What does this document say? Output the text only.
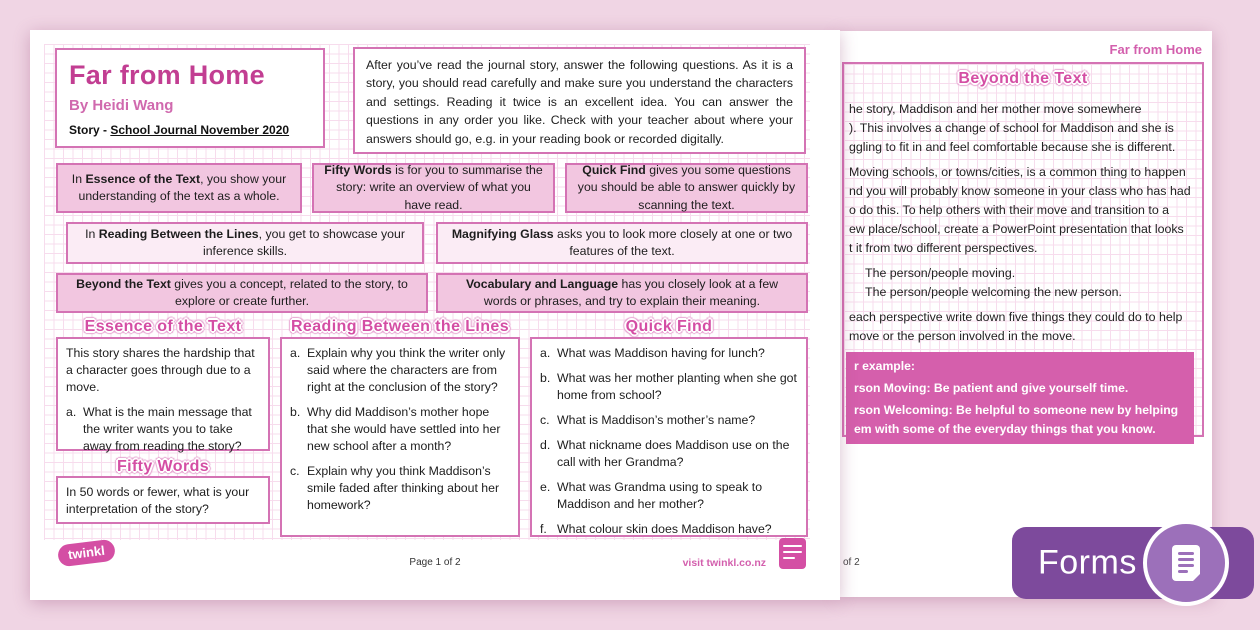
Far from Home
Beyond the Text
he story, Maddison and her mother move somewhere
). This involves a change of school for Maddison and she is
ggling to fit in and feel comfortable because she is different.
Moving schools, or towns/cities, is a common thing to happen
nd you will probably know someone in your class who has had
o do this. To help others with their move and transition to a
ew place/school, create a PowerPoint presentation that looks
t it from two different perspectives.
The person/people moving.
The person/people welcoming the new person.
each perspective write down five things they could do to help
move or the person involved in the move.
r example:
rson Moving: Be patient and give yourself time.
rson Welcoming: Be helpful to someone new by helping
em with some of the everyday things that you know.
of 2
Far from Home
By Heidi Wang
Story - School Journal November 2020
After you’ve read the journal story, answer the following questions. As it is a story, you should read carefully and make sure you understand the characters and settings. Reading it twice is an excellent idea. You can answer the questions in any order you like. Check with your teacher about where your answers should go, e.g. in your reading book or recorded digitally.
In Essence of the Text, you show your understanding of the text as a whole.
Fifty Words is for you to summarise the story: write an overview of what you have read.
Quick Find gives you some questions you should be able to answer quickly by scanning the text.
In Reading Between the Lines, you get to showcase your inference skills.
Magnifying Glass asks you to look more closely at one or two features of the text.
Beyond the Text gives you a concept, related to the story, to explore or create further.
Vocabulary and Language has you closely look at a few words or phrases, and try to explain their meaning.
Essence of the Text
This story shares the hardship that a character goes through due to a move.
a. What is the main message that the writer wants you to take away from reading the story?
Fifty Words
In 50 words or fewer, what is your interpretation of the story?
Reading Between the Lines
a. Explain why you think the writer only said where the characters are from right at the conclusion of the story?
b. Why did Maddison’s mother hope that she would have settled into her new school after a month?
c. Explain why you think Maddison’s smile faded after thinking about her homework?
Quick Find
a. What was Maddison having for lunch?
b. What was her mother planting when she got home from school?
c. What is Maddison’s mother’s name?
d. What nickname does Maddison use on the call with her Grandma?
e. What was Grandma using to speak to Maddison and her mother?
f. What colour skin does Maddison have?
twinkl
Page 1 of 2	visit twinkl.co.nz	Forms
